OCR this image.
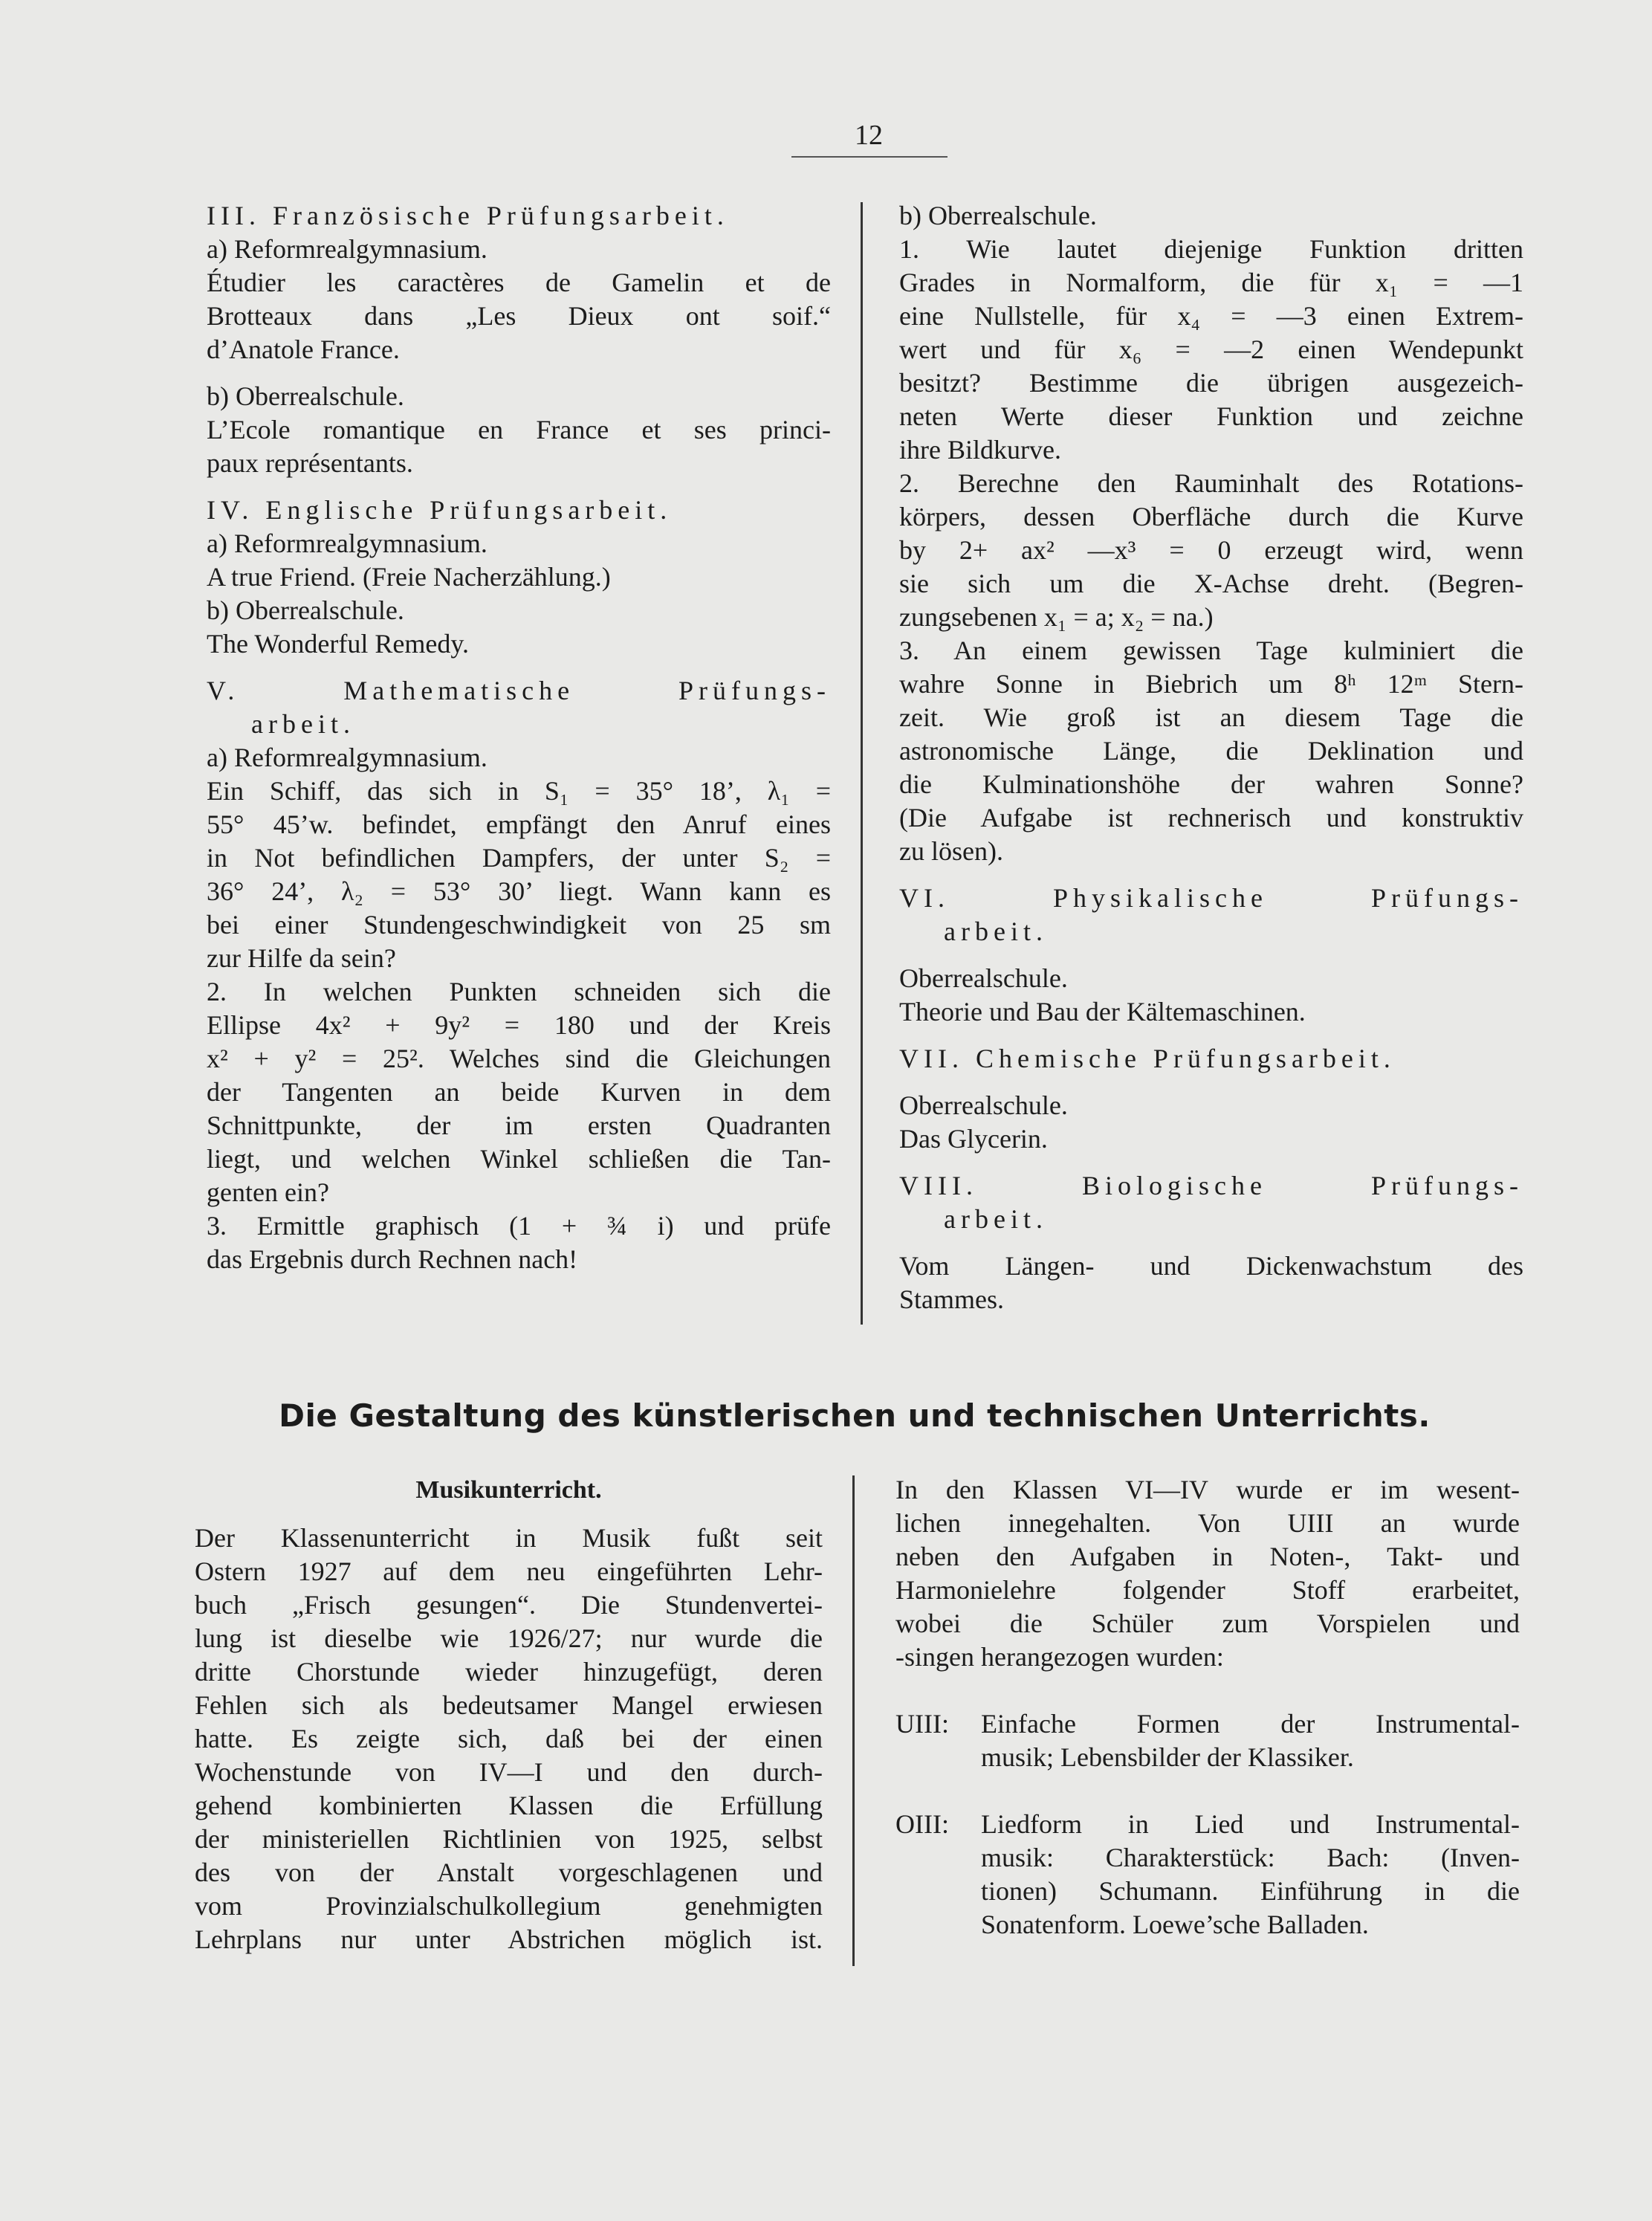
12

III. Französische Prüfungsarbeit.

a) Reformrealgymnasium.

Étudier les caractères de Gamelin et de

Brotteaux dans „Les Dieux ont soif.“

d’Anatole France.

b) Oberrealschule.

L’Ecole romantique en France et ses princi-

paux représentants.

IV. Englische Prüfungsarbeit.

a) Reformrealgymnasium.

A true Friend. (Freie Nacherzählung.)

b) Oberrealschule.

The Wonderful Remedy.

V. Mathematische Prüfungs-

arbeit.

a) Reformrealgymnasium.

Ein Schiff, das sich in S₁ = 35° 18’, λ₁ =

55° 45’w. befindet, empfängt den Anruf eines

in Not befindlichen Dampfers, der unter S₂ =

36° 24’, λ₂ = 53° 30’ liegt. Wann kann es

bei einer Stundengeschwindigkeit von 25 sm

zur Hilfe da sein?

2. In welchen Punkten schneiden sich die

Ellipse 4x² + 9y² = 180 und der Kreis

x² + y² = 25². Welches sind die Gleichungen

der Tangenten an beide Kurven in dem

Schnittpunkte, der im ersten Quadranten

liegt, und welchen Winkel schließen die Tan-

genten ein?

3. Ermittle graphisch (1 + ¾ i) und prüfe

das Ergebnis durch Rechnen nach!

b) Oberrealschule.

1. Wie lautet diejenige Funktion dritten

Grades in Normalform, die für x₁ = —1

eine Nullstelle, für x₄ = —3 einen Extrem-

wert und für x₆ = —2 einen Wendepunkt

besitzt? Bestimme die übrigen ausgezeich-

neten Werte dieser Funktion und zeichne

ihre Bildkurve.

2. Berechne den Rauminhalt des Rotations-

körpers, dessen Oberfläche durch die Kurve

by 2+ ax² —x³ = 0 erzeugt wird, wenn

sie sich um die X-Achse dreht. (Begren-

zungsebenen x₁ = a; x₂ = na.)

3. An einem gewissen Tage kulminiert die

wahre Sonne in Biebrich um 8ʰ 12ᵐ Stern-

zeit. Wie groß ist an diesem Tage die

astronomische Länge, die Deklination und

die Kulminationshöhe der wahren Sonne?

(Die Aufgabe ist rechnerisch und konstruktiv

zu lösen).

VI. Physikalische Prüfungs-

arbeit.

Oberrealschule.

Theorie und Bau der Kältemaschinen.

VII. Chemische Prüfungsarbeit.

Oberrealschule.

Das Glycerin.

VIII. Biologische Prüfungs-

arbeit.

Vom Längen- und Dickenwachstum des

Stammes.

Die Gestaltung des künstlerischen und technischen Unterrichts.

Musikunterricht.

Der Klassenunterricht in Musik fußt seit

Ostern 1927 auf dem neu eingeführten Lehr-

buch „Frisch gesungen“. Die Stundenvertei-

lung ist dieselbe wie 1926/27; nur wurde die

dritte Chorstunde wieder hinzugefügt, deren

Fehlen sich als bedeutsamer Mangel erwiesen

hatte. Es zeigte sich, daß bei der einen

Wochenstunde von IV—I und den durch-

gehend kombinierten Klassen die Erfüllung

der ministeriellen Richtlinien von 1925, selbst

des von der Anstalt vorgeschlagenen und

vom Provinzialschulkollegium genehmigten

Lehrplans nur unter Abstrichen möglich ist.

In den Klassen VI—IV wurde er im wesent-

lichen innegehalten. Von UIII an wurde

neben den Aufgaben in Noten-, Takt- und

Harmonielehre folgender Stoff erarbeitet,

wobei die Schüler zum Vorspielen und

-singen herangezogen wurden:

UIII:	Einfache Formen der Instrumental-

musik; Lebensbilder der Klassiker.

OIII:	Liedform in Lied und Instrumental-

musik: Charakterstück: Bach: (Inven-

tionen) Schumann. Einführung in die

Sonatenform. Loewe’sche Balladen.
